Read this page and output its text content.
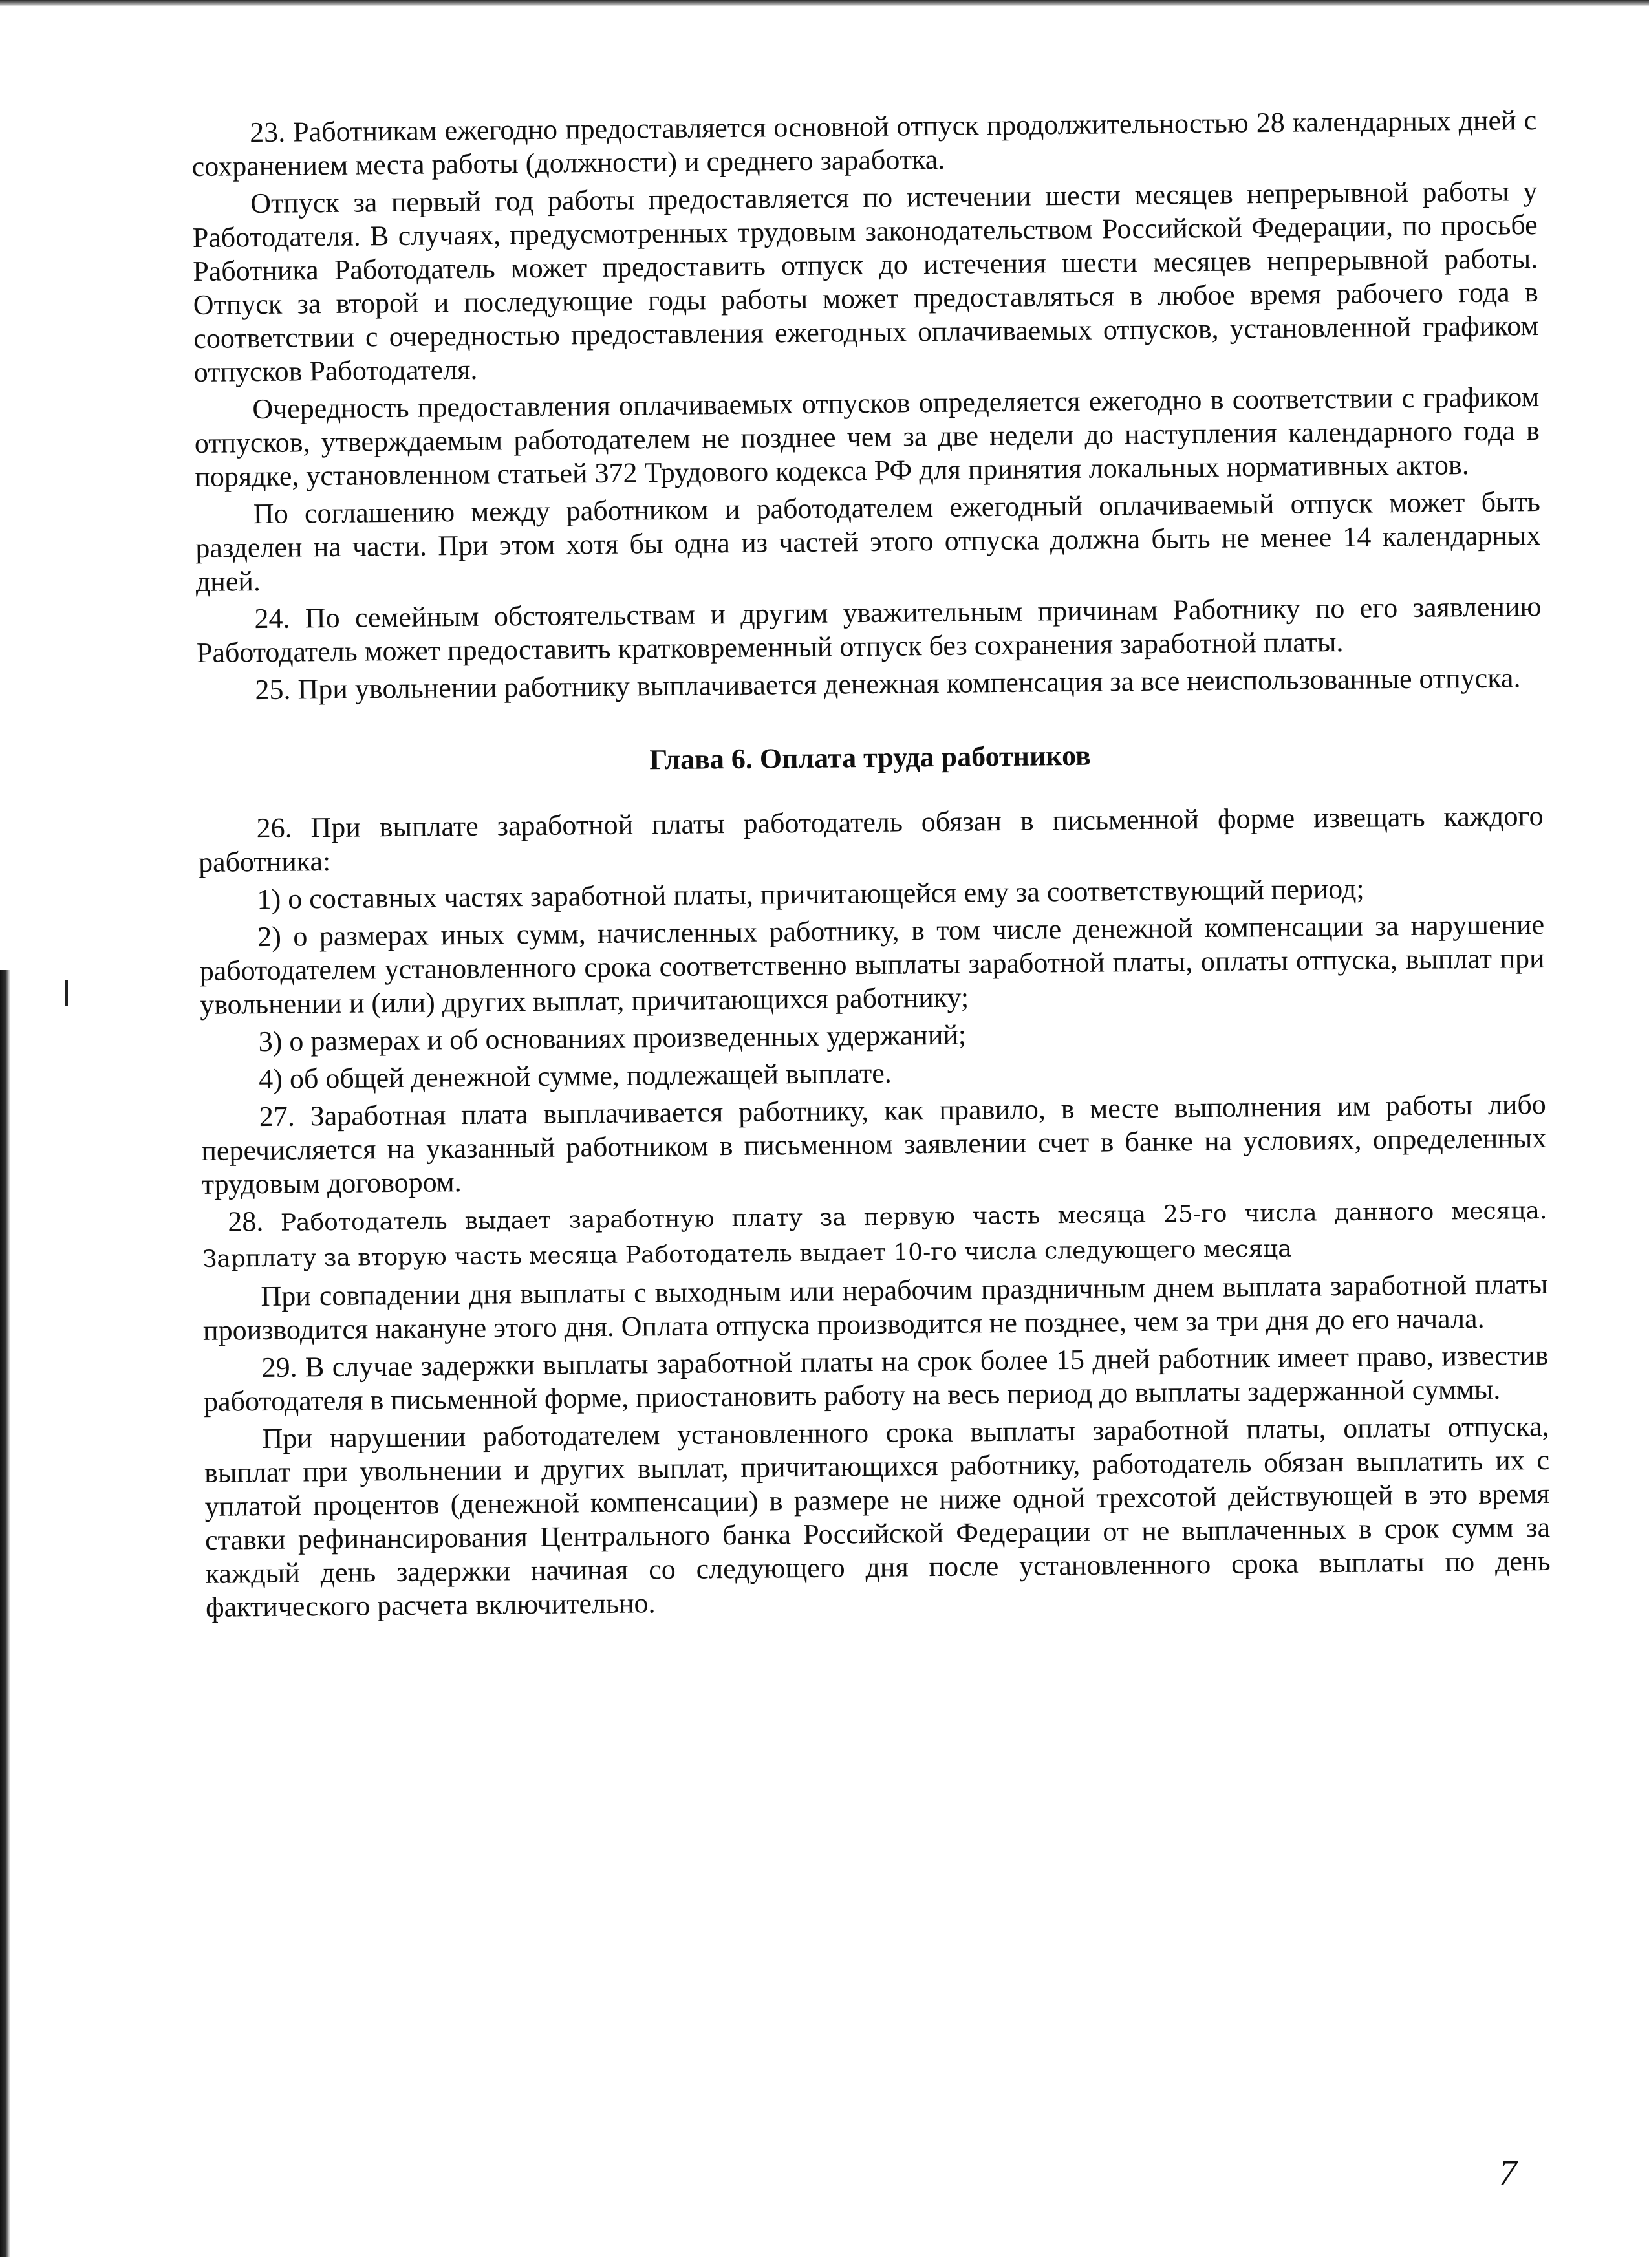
23. Работникам ежегодно предоставляется основной отпуск продолжительностью 28 календарных дней с сохранением места работы (должности) и среднего заработка.

Отпуск за первый год работы предоставляется по истечении шести месяцев непрерывной работы у Работодателя. В случаях, предусмотренных трудовым законодательством Российской Федерации, по просьбе Работника Работодатель может предоставить отпуск до истечения шести месяцев непрерывной работы. Отпуск за второй и последующие годы работы может предоставляться в любое время рабочего года в соответствии с очередностью предоставления ежегодных оплачиваемых отпусков, установленной графиком отпусков Работодателя.

Очередность предоставления оплачиваемых отпусков определяется ежегодно в соответствии с графиком отпусков, утверждаемым работодателем не позднее чем за две недели до наступления календарного года в порядке, установленном статьей 372 Трудового кодекса РФ для принятия локальных нормативных актов.

По соглашению между работником и работодателем ежегодный оплачиваемый отпуск может быть разделен на части. При этом хотя бы одна из частей этого отпуска должна быть не менее 14 календарных дней.

24. По семейным обстоятельствам и другим уважительным причинам Работнику по его заявлению Работодатель может предоставить кратковременный отпуск без сохранения заработной платы.

25. При увольнении работнику выплачивается денежная компенсация за все неиспользованные отпуска.

Глава 6. Оплата труда работников

26. При выплате заработной платы работодатель обязан в письменной форме извещать каждого работника:

1) о составных частях заработной платы, причитающейся ему за соответствующий период;

2) о размерах иных сумм, начисленных работнику, в том числе денежной компенсации за нарушение работодателем установленного срока соответственно выплаты заработной платы, оплаты отпуска, выплат при увольнении и (или) других выплат, причитающихся работнику;

3) о размерах и об основаниях произведенных удержаний;

4) об общей денежной сумме, подлежащей выплате.

27. Заработная плата выплачивается работнику, как правило, в месте выполнения им работы либо перечисляется на указанный работником в письменном заявлении счет в банке на условиях, определенных трудовым договором.

28. Работодатель выдает заработную плату за первую часть месяца 25-го числа данного месяца. Зарплату за вторую часть месяца Работодатель выдает 10-го числа следующего месяца

При совпадении дня выплаты с выходным или нерабочим праздничным днем выплата заработной платы производится накануне этого дня. Оплата отпуска производится не позднее, чем за три дня до его начала.

29. В случае задержки выплаты заработной платы на срок более 15 дней работник имеет право, известив работодателя в письменной форме, приостановить работу на весь период до выплаты задержанной суммы.

При нарушении работодателем установленного срока выплаты заработной платы, оплаты отпуска, выплат при увольнении и других выплат, причитающихся работнику, работодатель обязан выплатить их с уплатой процентов (денежной компенсации) в размере не ниже одной трехсотой действующей в это время ставки рефинансирования Центрального банка Российской Федерации от не выплаченных в срок сумм за каждый день задержки начиная со следующего дня после установленного срока выплаты по день фактического расчета включительно.

7
